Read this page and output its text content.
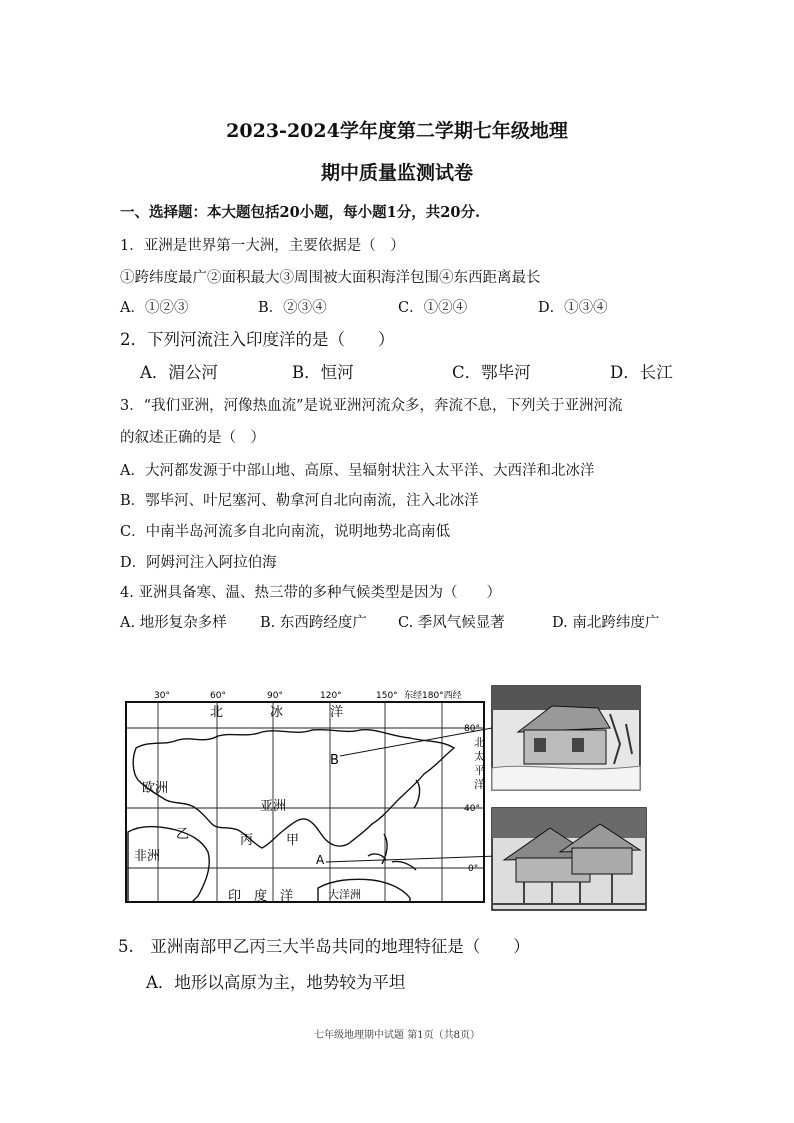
2023-2024学年度第二学期七年级地理
期中质量监测试卷
一、选择题：本大题包括20小题，每小题1分，共20分.
1．亚洲是世界第一大洲，主要依据是（　）
①跨纬度最广②面积最大③周围被大面积海洋包围④东西距离最长
A．①②③	B．②③④	C．①②④	D．①③④
2．下列河流注入印度洋的是（　　）
A．湄公河	B．恒河	C．鄂毕河	D．长江
3．“我们亚洲，河像热血流”是说亚洲河流众多，奔流不息，下列关于亚洲河流
的叙述正确的是（　）
A．大河都发源于中部山地、高原、呈辐射状注入太平洋、大西洋和北冰洋
B．鄂毕河、叶尼塞河、勒拿河自北向南流，注入北冰洋
C．中南半岛河流多自北向南流，说明地势北高南低
D．阿姆河注入阿拉伯海
4. 亚洲具备寒、温、热三带的多种气候类型是因为（　　）
A. 地形复杂多样 B. 东西跨经度广 C. 季风气候显著	D. 南北跨纬度广
30°	60°	90°	120°	150° 东经180°西经
80°
40°
0°
北	冰	洋
欧洲
亚洲
非洲
印　度　洋	大洋洲
B
乙	丙	甲
A
北
太
平
洋
5.　亚洲南部甲乙丙三大半岛共同的地理特征是（　　）
A．地形以高原为主，地势较为平坦
七年级地理期中试题 第1页（共8页）
